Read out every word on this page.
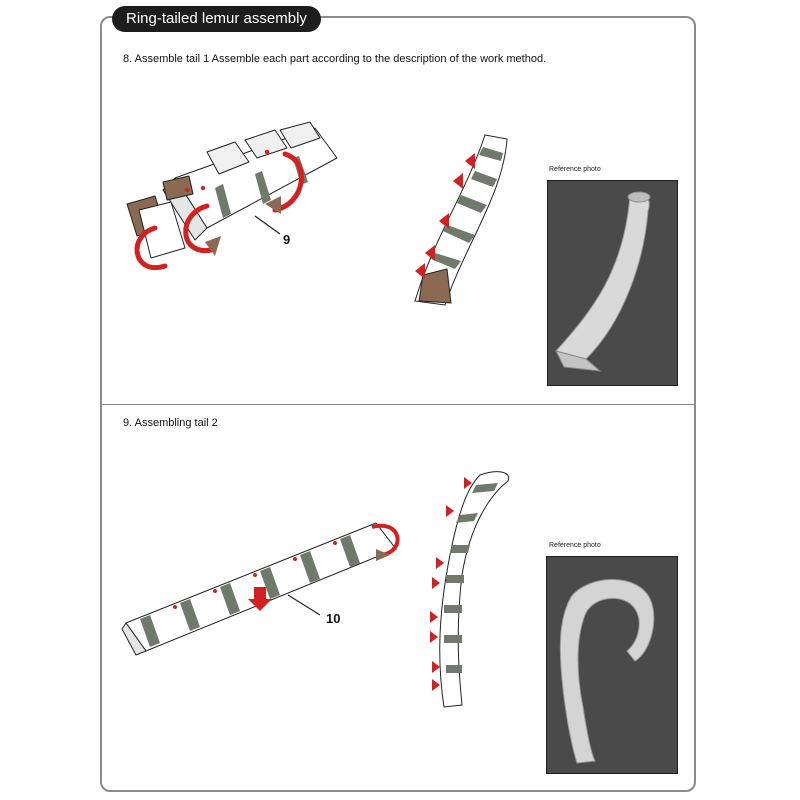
Ring-tailed lemur assembly
8. Assemble tail 1 Assemble each part according to the description of the work method.
9
Reference photo
9. Assembling tail 2
10
Reference photo
